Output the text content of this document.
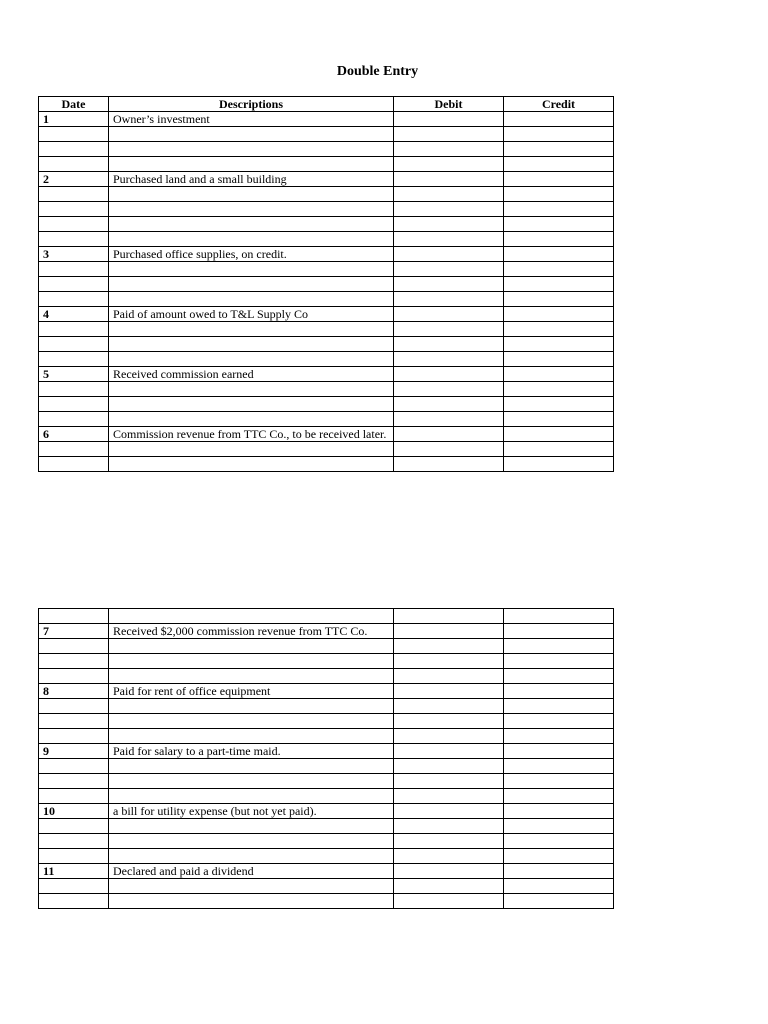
Double Entry
Date	Descriptions	Debit	Credit
1	Owner’s investment		

2	Purchased land and a small building		

3	Purchased office supplies, on credit.		

4	Paid of amount owed to T&L Supply Co		

5	Received commission earned		

6	Commission revenue from TTC Co., to be received later.		

7	Received $2,000 commission revenue from TTC Co.		

8	Paid for rent of office equipment		

9	Paid for salary to a part-time maid.		

10	a bill for utility expense (but not yet paid).		

11	Declared and paid a dividend		
